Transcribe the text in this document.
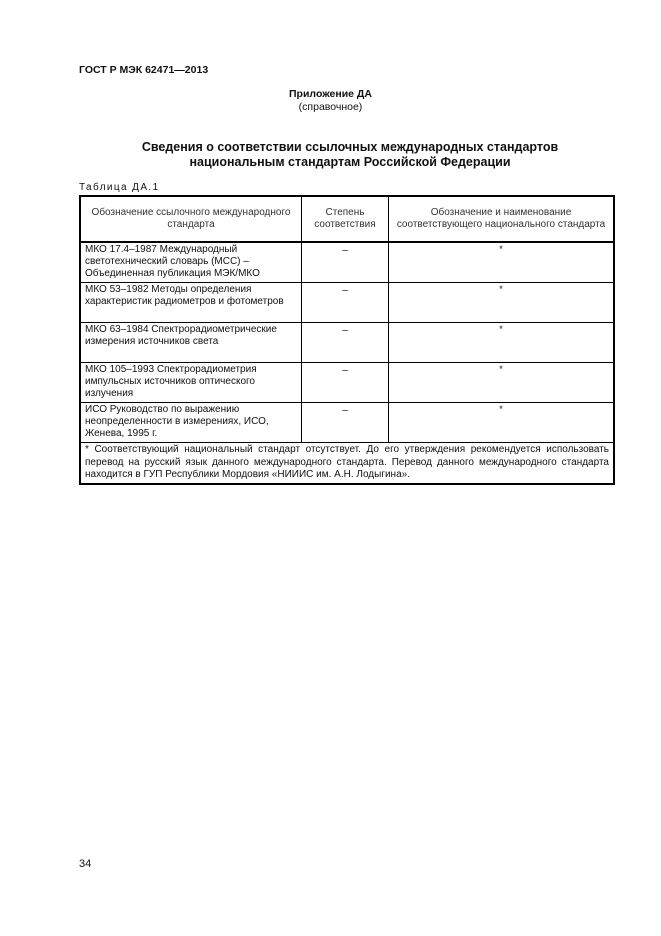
ГОСТ Р МЭК 62471—2013
Приложение ДА
(справочное)
Сведения о соответствии ссылочных международных стандартов
национальным стандартам Российской Федерации
Таблица ДА.1
Обозначение ссылочного международного стандарта	Степень соответствия	Обозначение и наименование соответствующего национального стандарта
МКО 17.4–1987 Международный светотехнический словарь (МСС) – Объединенная публикация МЭК/МКО	–	*
МКО 53–1982 Методы определения характеристик радиометров и фотометров	–	*
МКО 63–1984 Спектрорадиометрические измерения источников света	–	*
МКО 105–1993 Спектрорадиометрия импульсных источников оптического излучения	–	*
ИСО Руководство по выражению неопределенности в измерениях, ИСО, Женева, 1995 г.	–	*
* Соответствующий национальный стандарт отсутствует. До его утверждения рекомендуется использовать перевод на русский язык данного международного стандарта. Перевод данного международного стандарта находится в ГУП Республики Мордовия «НИИИС им. А.Н. Лодыгина».		
34
